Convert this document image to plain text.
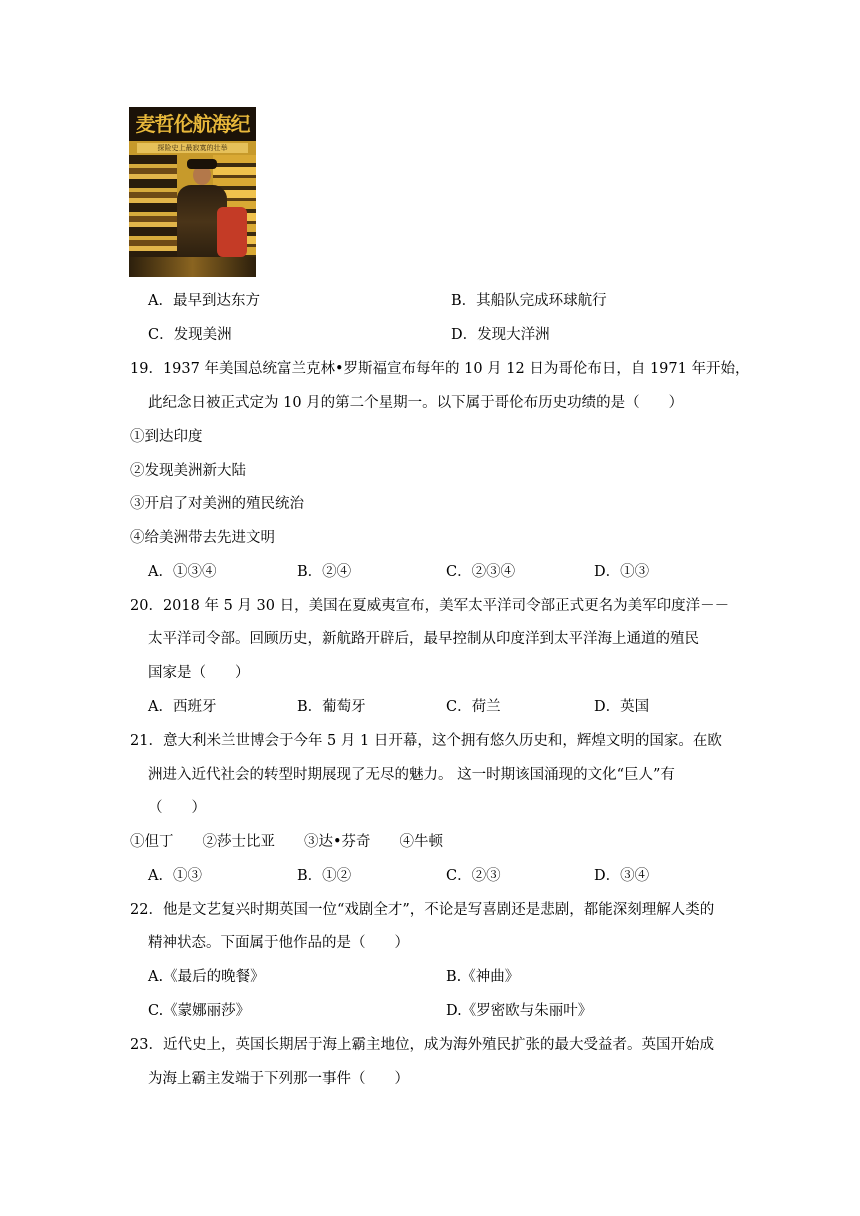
麦哲伦航海纪
探险史上最寂寞的壮举
A．最早到达东方	B．其船队完成环球航行
C．发现美洲	D．发现大洋洲
19．1937 年美国总统富兰克林•罗斯福宣布每年的 10 月 12 日为哥伦布日，自 1971 年开始，
此纪念日被正式定为 10 月的第二个星期一。以下属于哥伦布历史功绩的是（　　）
①到达印度
②发现美洲新大陆
③开启了对美洲的殖民统治
④给美洲带去先进文明
A．①③④	B．②④	C．②③④	D．①③
20．2018 年 5 月 30 日，美国在夏威夷宣布，美军太平洋司令部正式更名为美军印度洋－－
太平洋司令部。回顾历史，新航路开辟后，最早控制从印度洋到太平洋海上通道的殖民
国家是（　　）
A．西班牙	B．葡萄牙	C．荷兰	D．英国
21．意大利米兰世博会于今年 5 月 1 日开幕，这个拥有悠久历史和，辉煌文明的国家。在欧
洲进入近代社会的转型时期展现了无尽的魅力。 这一时期该国涌现的文化“巨人”有
（　　）
①但丁　　②莎士比亚　　③达•芬奇　　④牛顿
A．①③	B．①②	C．②③	D．③④
22．他是文艺复兴时期英国一位“戏剧全才”，不论是写喜剧还是悲剧，都能深刻理解人类的
精神状态。下面属于他作品的是（　　）
A.《最后的晚餐》	B.《神曲》
C.《蒙娜丽莎》	D.《罗密欧与朱丽叶》
23．近代史上，英国长期居于海上霸主地位，成为海外殖民扩张的最大受益者。英国开始成
为海上霸主发端于下列那一事件（　　）
